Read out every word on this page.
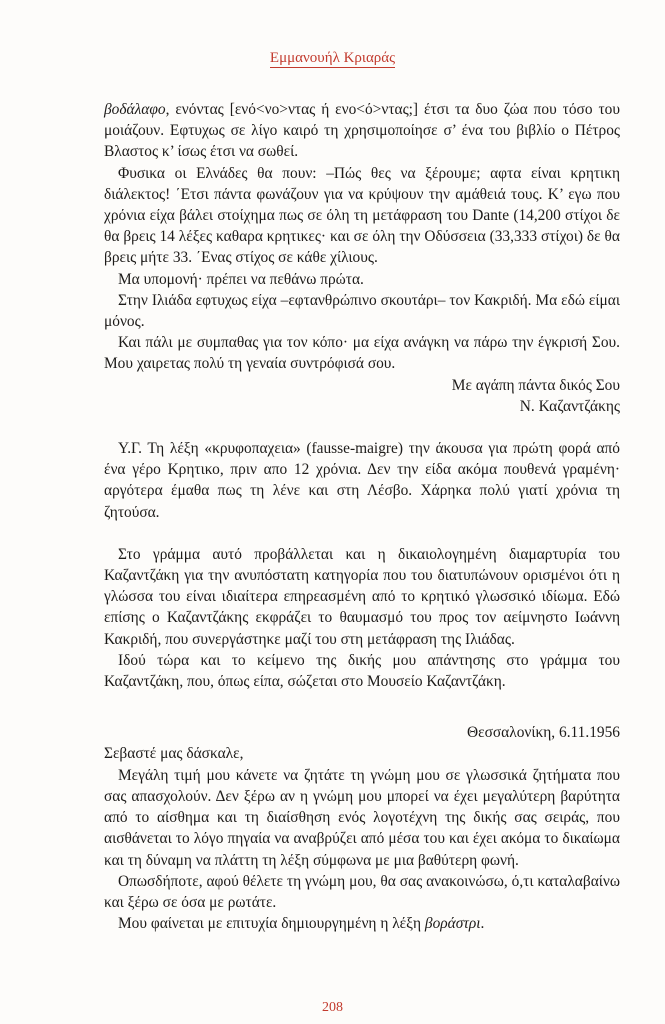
Εμμανουήλ Κριαράς

βοδάλαφο, ενόντας [ενό<νο>ντας ή ενο<ό>ντας;] έτσι τα δυο ζώα που τόσο του μοιάζουν. Εφτυχως σε λίγο καιρό τη χρησιμοποίησε σ’ ένα του βιβλίο ο Πέτρος Βλαστος κ’ ίσως έτσι να σωθεί.

Φυσικα οι Ελνάδες θα πουν: –Πώς θες να ξέρουμε; αφτα είναι κρητικη διάλεκτος! ΄Ετσι πάντα φωνάζουν για να κρύψουν την αμάθειά τους. Κ’ εγω που χρόνια είχα βάλει στοίχημα πως σε όλη τη μετάφραση του Dante (14,200 στίχοι δε θα βρεις 14 λέξες καθαρα κρητικες· και σε όλη την Οδύσσεια (33,333 στίχοι) δε θα βρεις μήτε 33. ΄Ενας στίχος σε κάθε χίλιους.

Μα υπομονή· πρέπει να πεθάνω πρώτα.

Στην Ιλιάδα εφτυχως είχα –εφτανθρώπινο σκουτάρι– τον Κακριδή. Μα εδώ είμαι μόνος.

Και πάλι με συμπαθας για τον κόπο· μα είχα ανάγκη να πάρω την έγκρισή Σου. Μου χαιρετας πολύ τη γεναία συντρόφισά σου.

Με αγάπη πάντα δικός Σου

Ν. Καζαντζάκης

Υ.Γ. Τη λέξη «κρυφοπαχεια» (fausse-maigre) την άκουσα για πρώτη φορά από ένα γέρο Κρητικο, πριν απο 12 χρόνια. Δεν την είδα ακόμα πουθενά γραμένη· αργότερα έμαθα πως τη λένε και στη Λέσβο. Χάρηκα πολύ γιατί χρόνια τη ζητούσα.

Στο γράμμα αυτό προβάλλεται και η δικαιολογημένη διαμαρτυρία του Καζαντζάκη για την ανυπόστατη κατηγορία που του διατυπώνουν ορισμένοι ότι η γλώσσα του είναι ιδιαίτερα επηρεασμένη από το κρητικό γλωσσικό ιδίωμα. Εδώ επίσης ο Καζαντζάκης εκφράζει το θαυμασμό του προς τον αείμνηστο Ιωάννη Κακριδή, που συνεργάστηκε μαζί του στη μετάφραση της Ιλιάδας.

Ιδού τώρα και το κείμενο της δικής μου απάντησης στο γράμμα του Καζαντζάκη, που, όπως είπα, σώζεται στο Μουσείο Καζαντζάκη.

Θεσσαλονίκη, 6.11.1956

Σεβαστέ μας δάσκαλε,

Μεγάλη τιμή μου κάνετε να ζητάτε τη γνώμη μου σε γλωσσικά ζητήματα που σας απασχολούν. Δεν ξέρω αν η γνώμη μου μπορεί να έχει μεγαλύτερη βαρύτητα από το αίσθημα και τη διαίσθηση ενός λογοτέχνη της δικής σας σειράς, που αισθάνεται το λόγο πηγαία να αναβρύζει από μέσα του και έχει ακόμα το δικαίωμα και τη δύναμη να πλάττη τη λέξη σύμφωνα με μια βαθύτερη φωνή.

Οπωσδήποτε, αφού θέλετε τη γνώμη μου, θα σας ανακοινώσω, ό,τι καταλαβαίνω και ξέρω σε όσα με ρωτάτε.

Μου φαίνεται με επιτυχία δημιουργημένη η λέξη βοράστρι.

208
